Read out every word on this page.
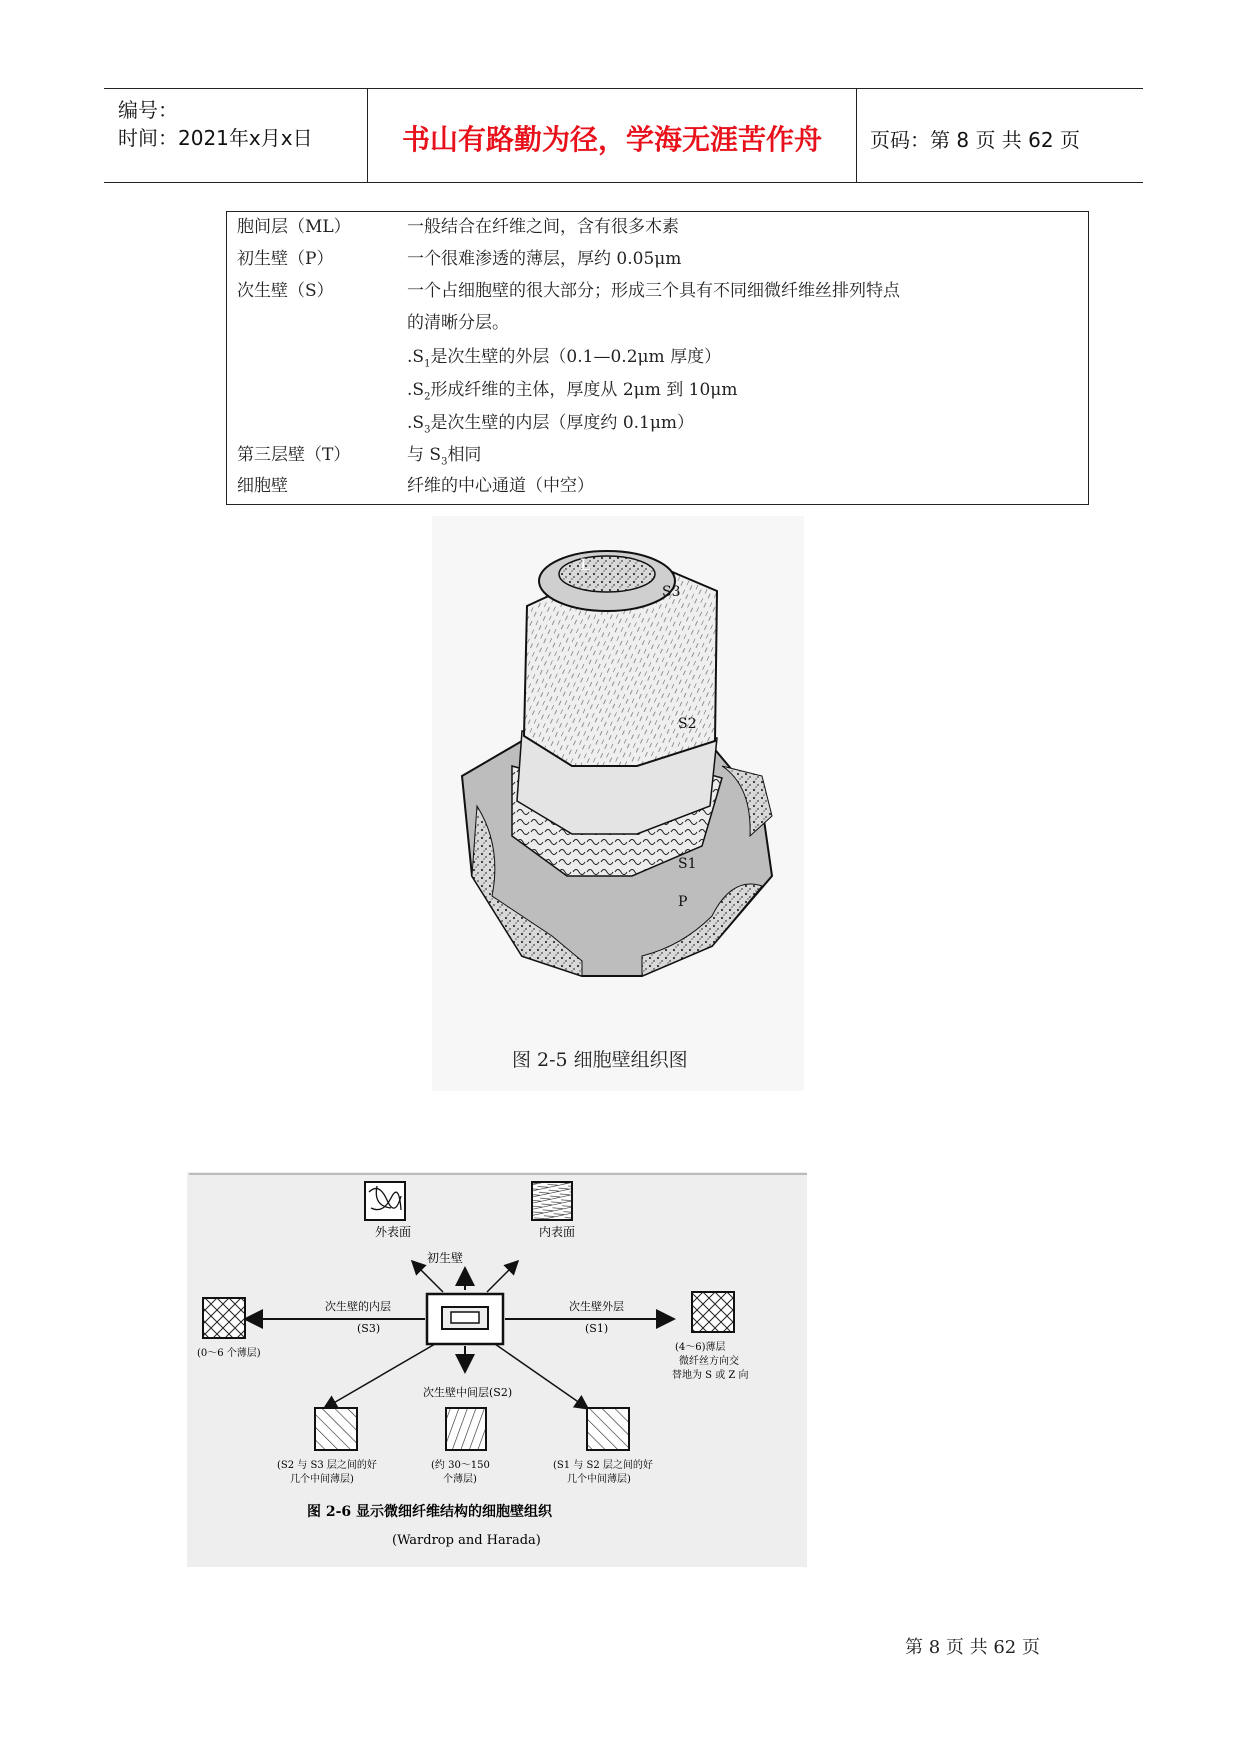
编号：
时间：2021年x月x日	书山有路勤为径，学海无涯苦作舟	页码：第 8 页 共 62 页
胞间层（ML）	一般结合在纤维之间，含有很多木素
初生壁（P）	一个很难渗透的薄层，厚约 0.05μm
次生壁（S）	一个占细胞壁的很大部分；形成三个具有不同细微纤维丝排列特点
的清晰分层。
$.S_1$是次生壁的外层（0.1—0.2μm 厚度）
$.S_2$形成纤维的主体，厚度从 2μm 到 10μm
$.S_3$是次生壁的内层（厚度约 0.1μm）
第三层壁（T）	与 $S_3$相同
细胞壁	纤维的中心通道（中空）
L
S3
S2
S1
P
图 2-5 细胞壁组织图
外表面	内表面
初生壁
次生壁的内层
(S3)
次生壁外层
(S1)
次生壁中间层(S2)
(0～6 个薄层)
(4～6)薄层
微纤丝方向交
替地为 S 或 Z 向
(S2 与 S3 层之间的好
几个中间薄层)
(约 30～150
个薄层)
(S1 与 S2 层之间的好
几个中间薄层)
图 2-6 显示微细纤维结构的细胞壁组织
(Wardrop and Harada)
第 8 页 共 62 页
